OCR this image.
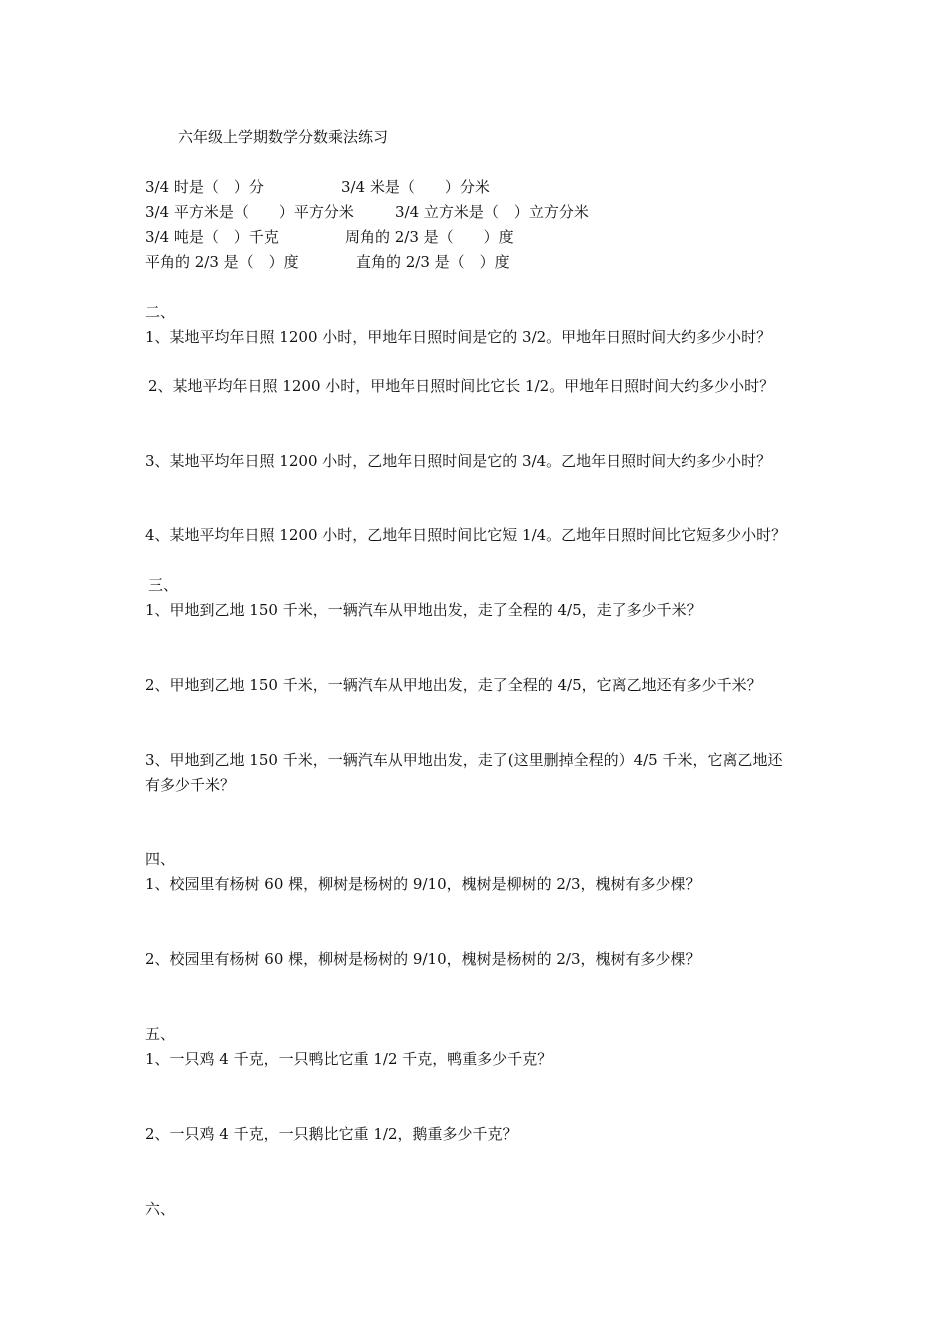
六年级上学期数学分数乘法练习
3/4 时是（　）分	3/4 米是（　　）分米
3/4 平方米是（　　）平方分米	3/4 立方米是（　）立方分米
3/4 吨是（　）千克	周角的 2/3 是（　　）度
平角的 2/3 是（　）度	直角的 2/3 是（　）度
二、
1、某地平均年日照 1200 小时，甲地年日照时间是它的 3/2。甲地年日照时间大约多少小时？
2、某地平均年日照 1200 小时，甲地年日照时间比它长 1/2。甲地年日照时间大约多少小时？
3、某地平均年日照 1200 小时，乙地年日照时间是它的 3/4。乙地年日照时间大约多少小时？
4、某地平均年日照 1200 小时，乙地年日照时间比它短 1/4。乙地年日照时间比它短多少小时？
三、
1、甲地到乙地 150 千米，一辆汽车从甲地出发，走了全程的 4/5，走了多少千米？
2、甲地到乙地 150 千米，一辆汽车从甲地出发，走了全程的 4/5，它离乙地还有多少千米？
3、甲地到乙地 150 千米，一辆汽车从甲地出发，走了(这里删掉全程的）4/5 千米，它离乙地还
有多少千米？
四、
1、校园里有杨树 60 棵，柳树是杨树的 9/10，槐树是柳树的 2/3，槐树有多少棵？
2、校园里有杨树 60 棵，柳树是杨树的 9/10，槐树是杨树的 2/3，槐树有多少棵？
五、
1、一只鸡 4 千克，一只鸭比它重 1/2 千克，鸭重多少千克？
2、一只鸡 4 千克，一只鹅比它重 1/2，鹅重多少千克？
六、
